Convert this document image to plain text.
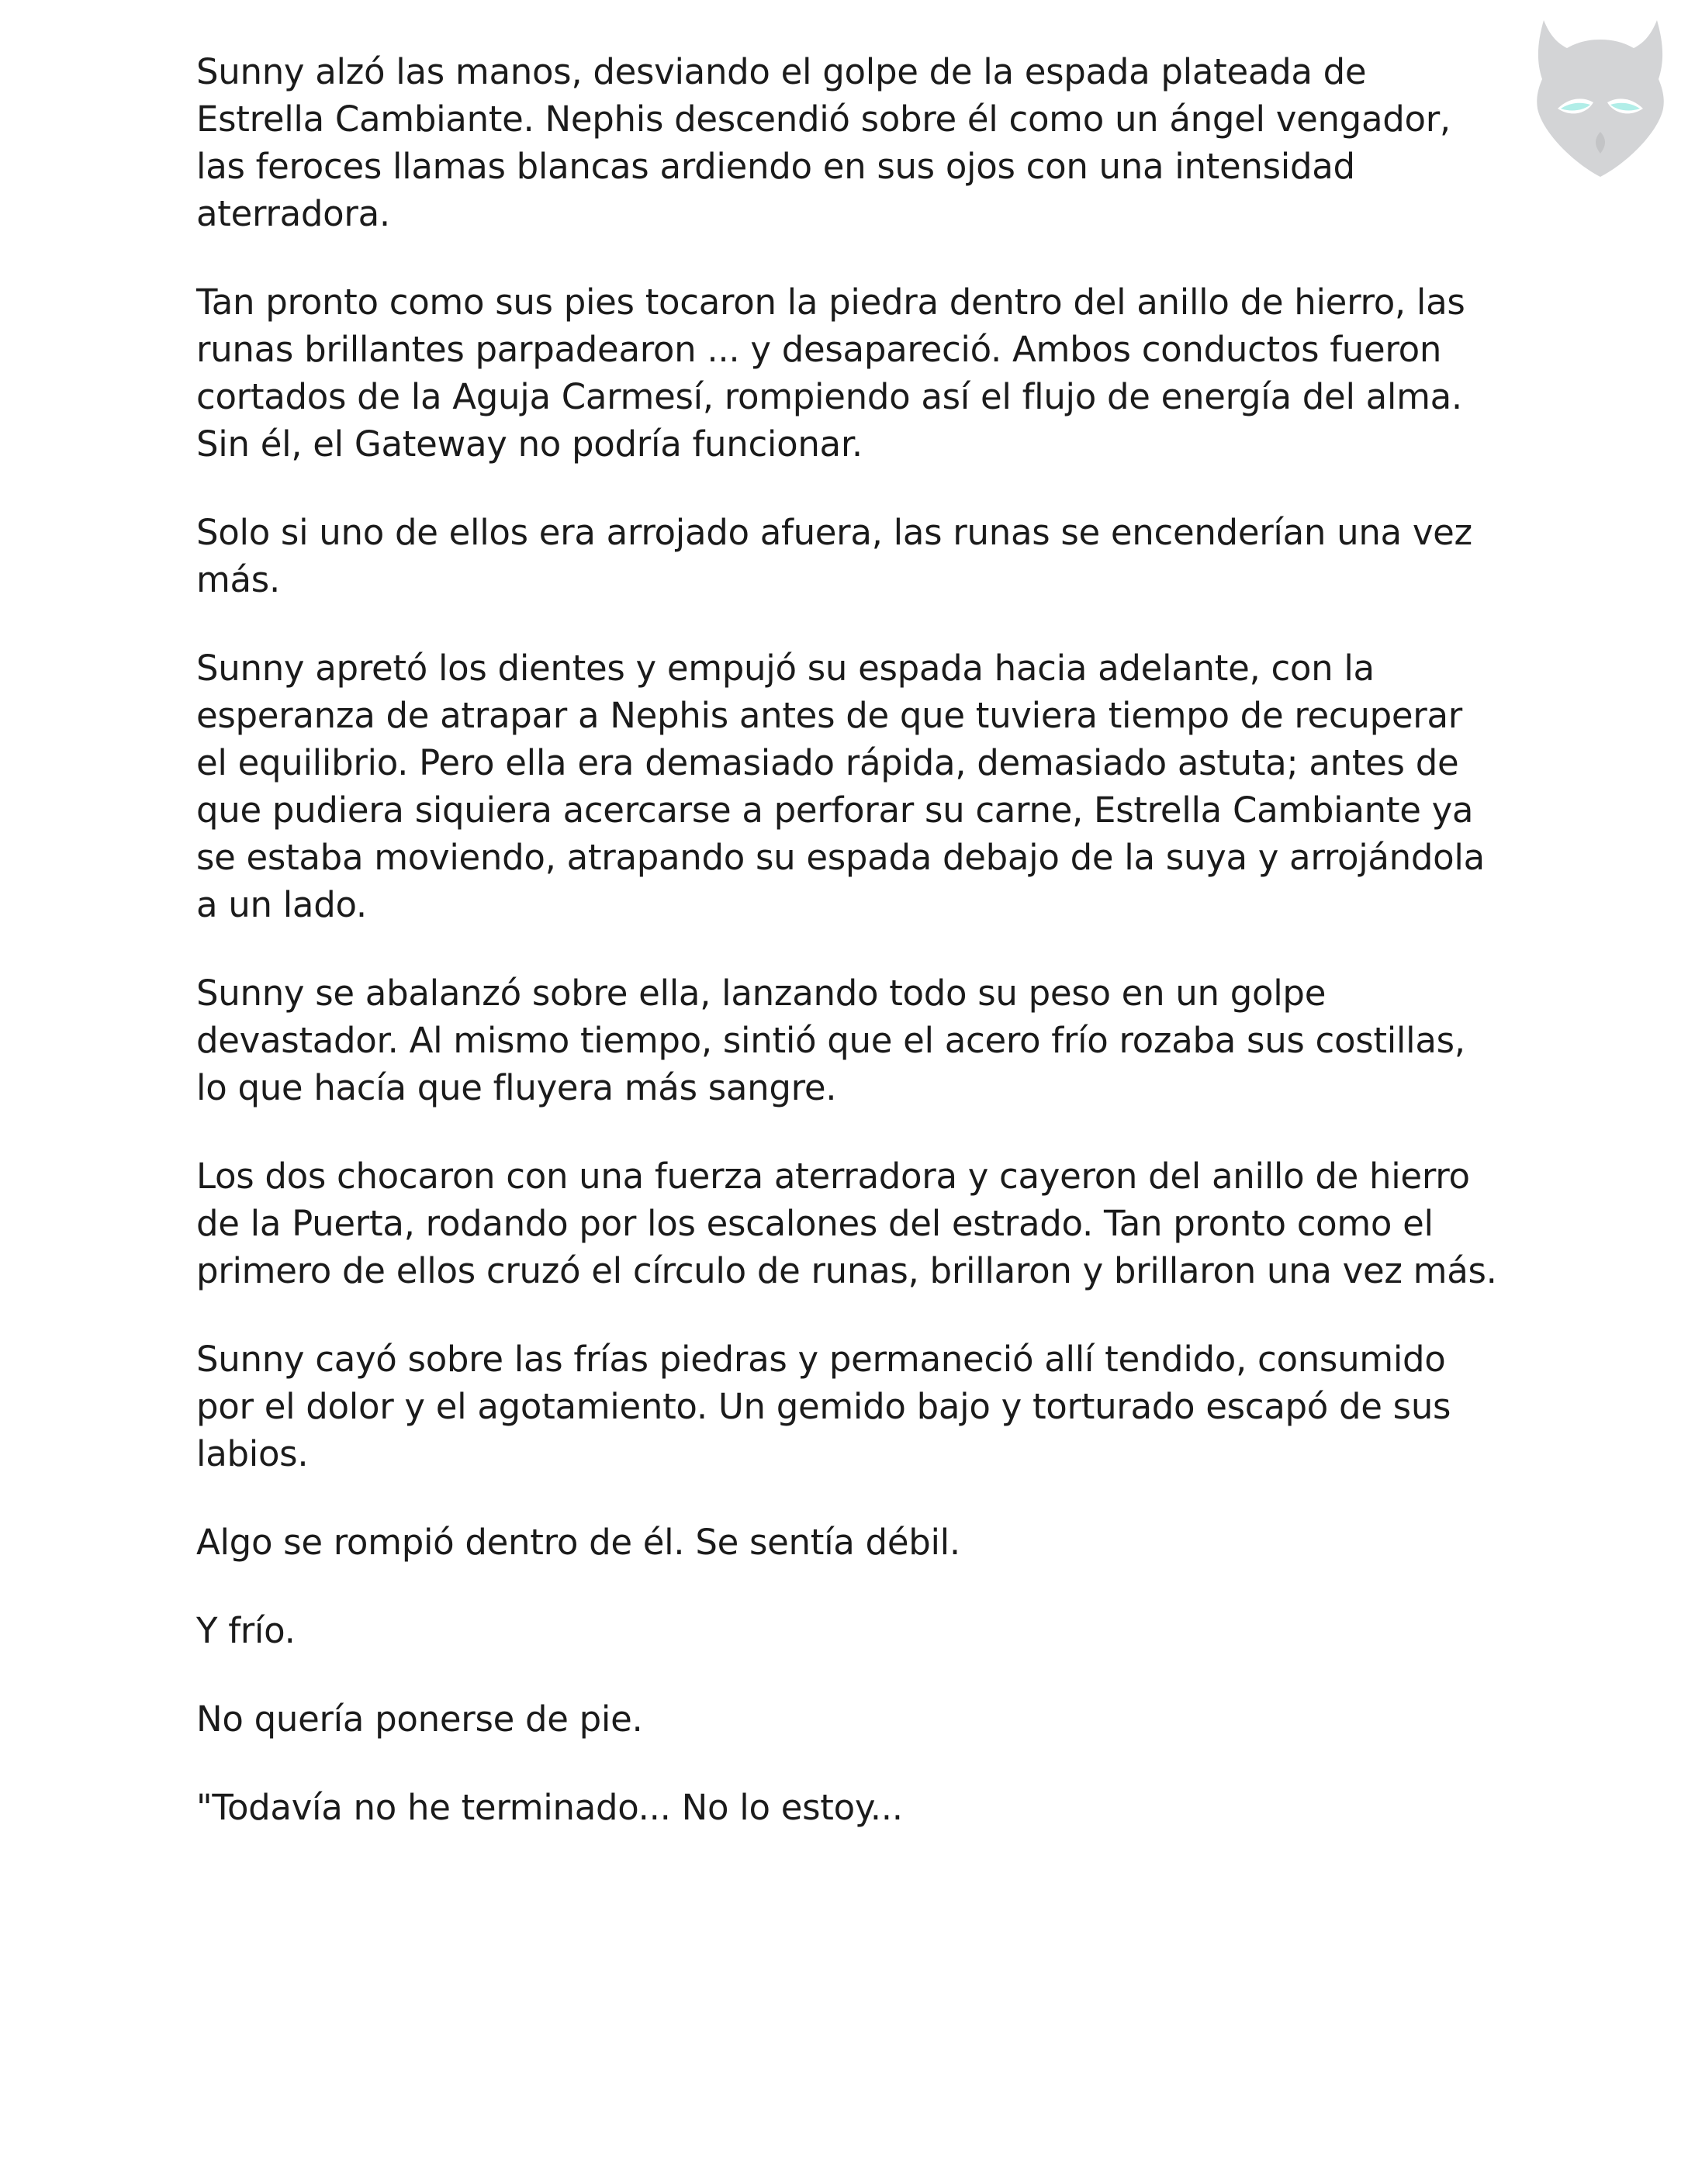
Sunny alzó las manos, desviando el golpe de la espada plateada de Estrella Cambiante. Nephis descendió sobre él como un ángel vengador, las feroces llamas blancas ardiendo en sus ojos con una intensidad aterradora.

Tan pronto como sus pies tocaron la piedra dentro del anillo de hierro, las runas brillantes parpadearon ... y desapareció. Ambos conductos fueron cortados de la Aguja Carmesí, rompiendo así el flujo de energía del alma. Sin él, el Gateway no podría funcionar.

Solo si uno de ellos era arrojado afuera, las runas se encenderían una vez más.

Sunny apretó los dientes y empujó su espada hacia adelante, con la esperanza de atrapar a Nephis antes de que tuviera tiempo de recuperar el equilibrio. Pero ella era demasiado rápida, demasiado astuta; antes de que pudiera siquiera acercarse a perforar su carne, Estrella Cambiante ya se estaba moviendo, atrapando su espada debajo de la suya y arrojándola a un lado.

Sunny se abalanzó sobre ella, lanzando todo su peso en un golpe devastador. Al mismo tiempo, sintió que el acero frío rozaba sus costillas, lo que hacía que fluyera más sangre.

Los dos chocaron con una fuerza aterradora y cayeron del anillo de hierro de la Puerta, rodando por los escalones del estrado. Tan pronto como el primero de ellos cruzó el círculo de runas, brillaron y brillaron una vez más.

Sunny cayó sobre las frías piedras y permaneció allí tendido, consumido por el dolor y el agotamiento. Un gemido bajo y torturado escapó de sus labios.

Algo se rompió dentro de él. Se sentía débil.

Y frío.

No quería ponerse de pie.

"Todavía no he terminado... No lo estoy...
